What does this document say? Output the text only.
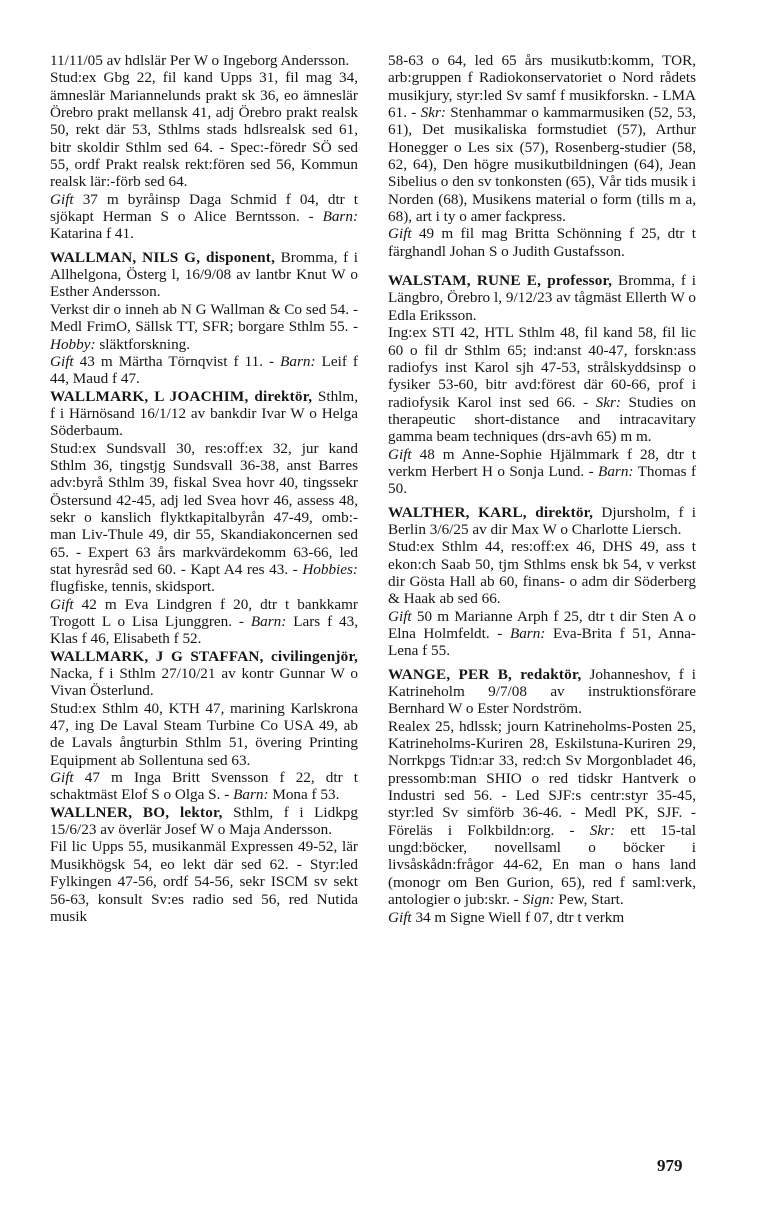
11/11/05 av hdlslär Per W o Ingeborg Andersson.

Stud:ex Gbg 22, fil kand Upps 31, fil mag 34, ämneslär Mariannelunds prakt sk 36, eo ämneslär Örebro prakt mellansk 41, adj Örebro prakt realsk 50, rekt där 53, Sthlms stads hdlsrealsk sed 61, bitr skoldir Sthlm sed 64. - Spec:-föredr SÖ sed 55, ordf Prakt realsk rekt:fören sed 56, Kommun realsk lär:-förb sed 64.

Gift 37 m byråinsp Daga Schmid f 04, dtr t sjökapt Herman S o Alice Berntsson. - Barn: Katarina f 41.

WALLMAN, NILS G, disponent, Bromma, f i Allhelgona, Österg l, 16/9/08 av lantbr Knut W o Esther Andersson.

Verkst dir o inneh ab N G Wallman & Co sed 54. - Medl FrimO, Sällsk TT, SFR; borgare Sthlm 55. - Hobby: släktforskning.

Gift 43 m Märtha Törnqvist f 11. - Barn: Leif f 44, Maud f 47.

WALLMARK, L JOACHIM, direktör, Sthlm, f i Härnösand 16/1/12 av bankdir Ivar W o Helga Söderbaum.

Stud:ex Sundsvall 30, res:off:ex 32, jur kand Sthlm 36, tingstjg Sundsvall 36-38, anst Barres adv:byrå Sthlm 39, fiskal Svea hovr 40, tingssekr Östersund 42-45, adj led Svea hovr 46, assess 48, sekr o kanslich flyktkapitalbyrån 47-49, omb:-man Liv-Thule 49, dir 55, Skandiakoncernen sed 65. - Expert 63 års markvärdekomm 63-66, led stat hyresråd sed 60. - Kapt A4 res 43. - Hobbies: flugfiske, tennis, skidsport.

Gift 42 m Eva Lindgren f 20, dtr t bankkamr Trogott L o Lisa Ljunggren. - Barn: Lars f 43, Klas f 46, Elisabeth f 52.

WALLMARK, J G STAFFAN, civilingenjör, Nacka, f i Sthlm 27/10/21 av kontr Gunnar W o Vivan Österlund.

Stud:ex Sthlm 40, KTH 47, marining Karlskrona 47, ing De Laval Steam Turbine Co USA 49, ab de Lavals ångturbin Sthlm 51, övering Printing Equipment ab Sollentuna sed 63.

Gift 47 m Inga Britt Svensson f 22, dtr t schaktmäst Elof S o Olga S. - Barn: Mona f 53.

WALLNER, BO, lektor, Sthlm, f i Lidkpg 15/6/23 av överlär Josef W o Maja Andersson.

Fil lic Upps 55, musikanmäl Expressen 49-52, lär Musikhögsk 54, eo lekt där sed 62. - Styr:led Fylkingen 47-56, ordf 54-56, sekr ISCM sv sekt 56-63, konsult Sv:es radio sed 56, red Nutida musik

58-63 o 64, led 65 års musikutb:komm, TOR, arb:gruppen f Radiokonservatoriet o Nord rådets musikjury, styr:led Sv samf f musikforskn. - LMA 61. - Skr: Stenhammar o kammarmusiken (52, 53, 61), Det musikaliska formstudiet (57), Arthur Honegger o Les six (57), Rosenberg-studier (58, 62, 64), Den högre musikutbildningen (64), Jean Sibelius o den sv tonkonsten (65), Vår tids musik i Norden (68), Musikens material o form (tills m a, 68), art i ty o amer fackpress.

Gift 49 m fil mag Britta Schönning f 25, dtr t färghandl Johan S o Judith Gustafsson.

WALSTAM, RUNE E, professor, Bromma, f i Längbro, Örebro l, 9/12/23 av tågmäst Ellerth W o Edla Eriksson.

Ing:ex STI 42, HTL Sthlm 48, fil kand 58, fil lic 60 o fil dr Sthlm 65; ind:anst 40-47, forskn:ass radiofys inst Karol sjh 47-53, strålskyddsinsp o fysiker 53-60, bitr avd:förest där 60-66, prof i radiofysik Karol inst sed 66. - Skr: Studies on therapeutic short-distance and intracavitary gamma beam techniques (drs-avh 65) m m.

Gift 48 m Anne-Sophie Hjälmmark f 28, dtr t verkm Herbert H o Sonja Lund. - Barn: Thomas f 50.

WALTHER, KARL, direktör, Djursholm, f i Berlin 3/6/25 av dir Max W o Charlotte Liersch.

Stud:ex Sthlm 44, res:off:ex 46, DHS 49, ass t ekon:ch Saab 50, tjm Sthlms ensk bk 54, v verkst dir Gösta Hall ab 60, finans- o adm dir Söderberg & Haak ab sed 66.

Gift 50 m Marianne Arph f 25, dtr t dir Sten A o Elna Holmfeldt. - Barn: Eva-Brita f 51, Anna-Lena f 55.

WANGE, PER B, redaktör, Johanneshov, f i Katrineholm 9/7/08 av instruktionsförare Bernhard W o Ester Nordström.

Realex 25, hdlssk; journ Katrineholms-Posten 25, Katrineholms-Kuriren 28, Eskilstuna-Kuriren 29, Norrkpgs Tidn:ar 33, red:ch Sv Morgonbladet 46, pressomb:man SHIO o red tidskr Hantverk o Industri sed 56. - Led SJF:s centr:styr 35-45, styr:led Sv simförb 36-46. - Medl PK, SJF. - Föreläs i Folkbildn:org. - Skr: ett 15-tal ungd:böcker, novellsaml o böcker i livsåskådn:frågor 44-62, En man o hans land (monogr om Ben Gurion, 65), red f saml:verk, antologier o jub:skr. - Sign: Pew, Start.

Gift 34 m Signe Wiell f 07, dtr t verkm

979
